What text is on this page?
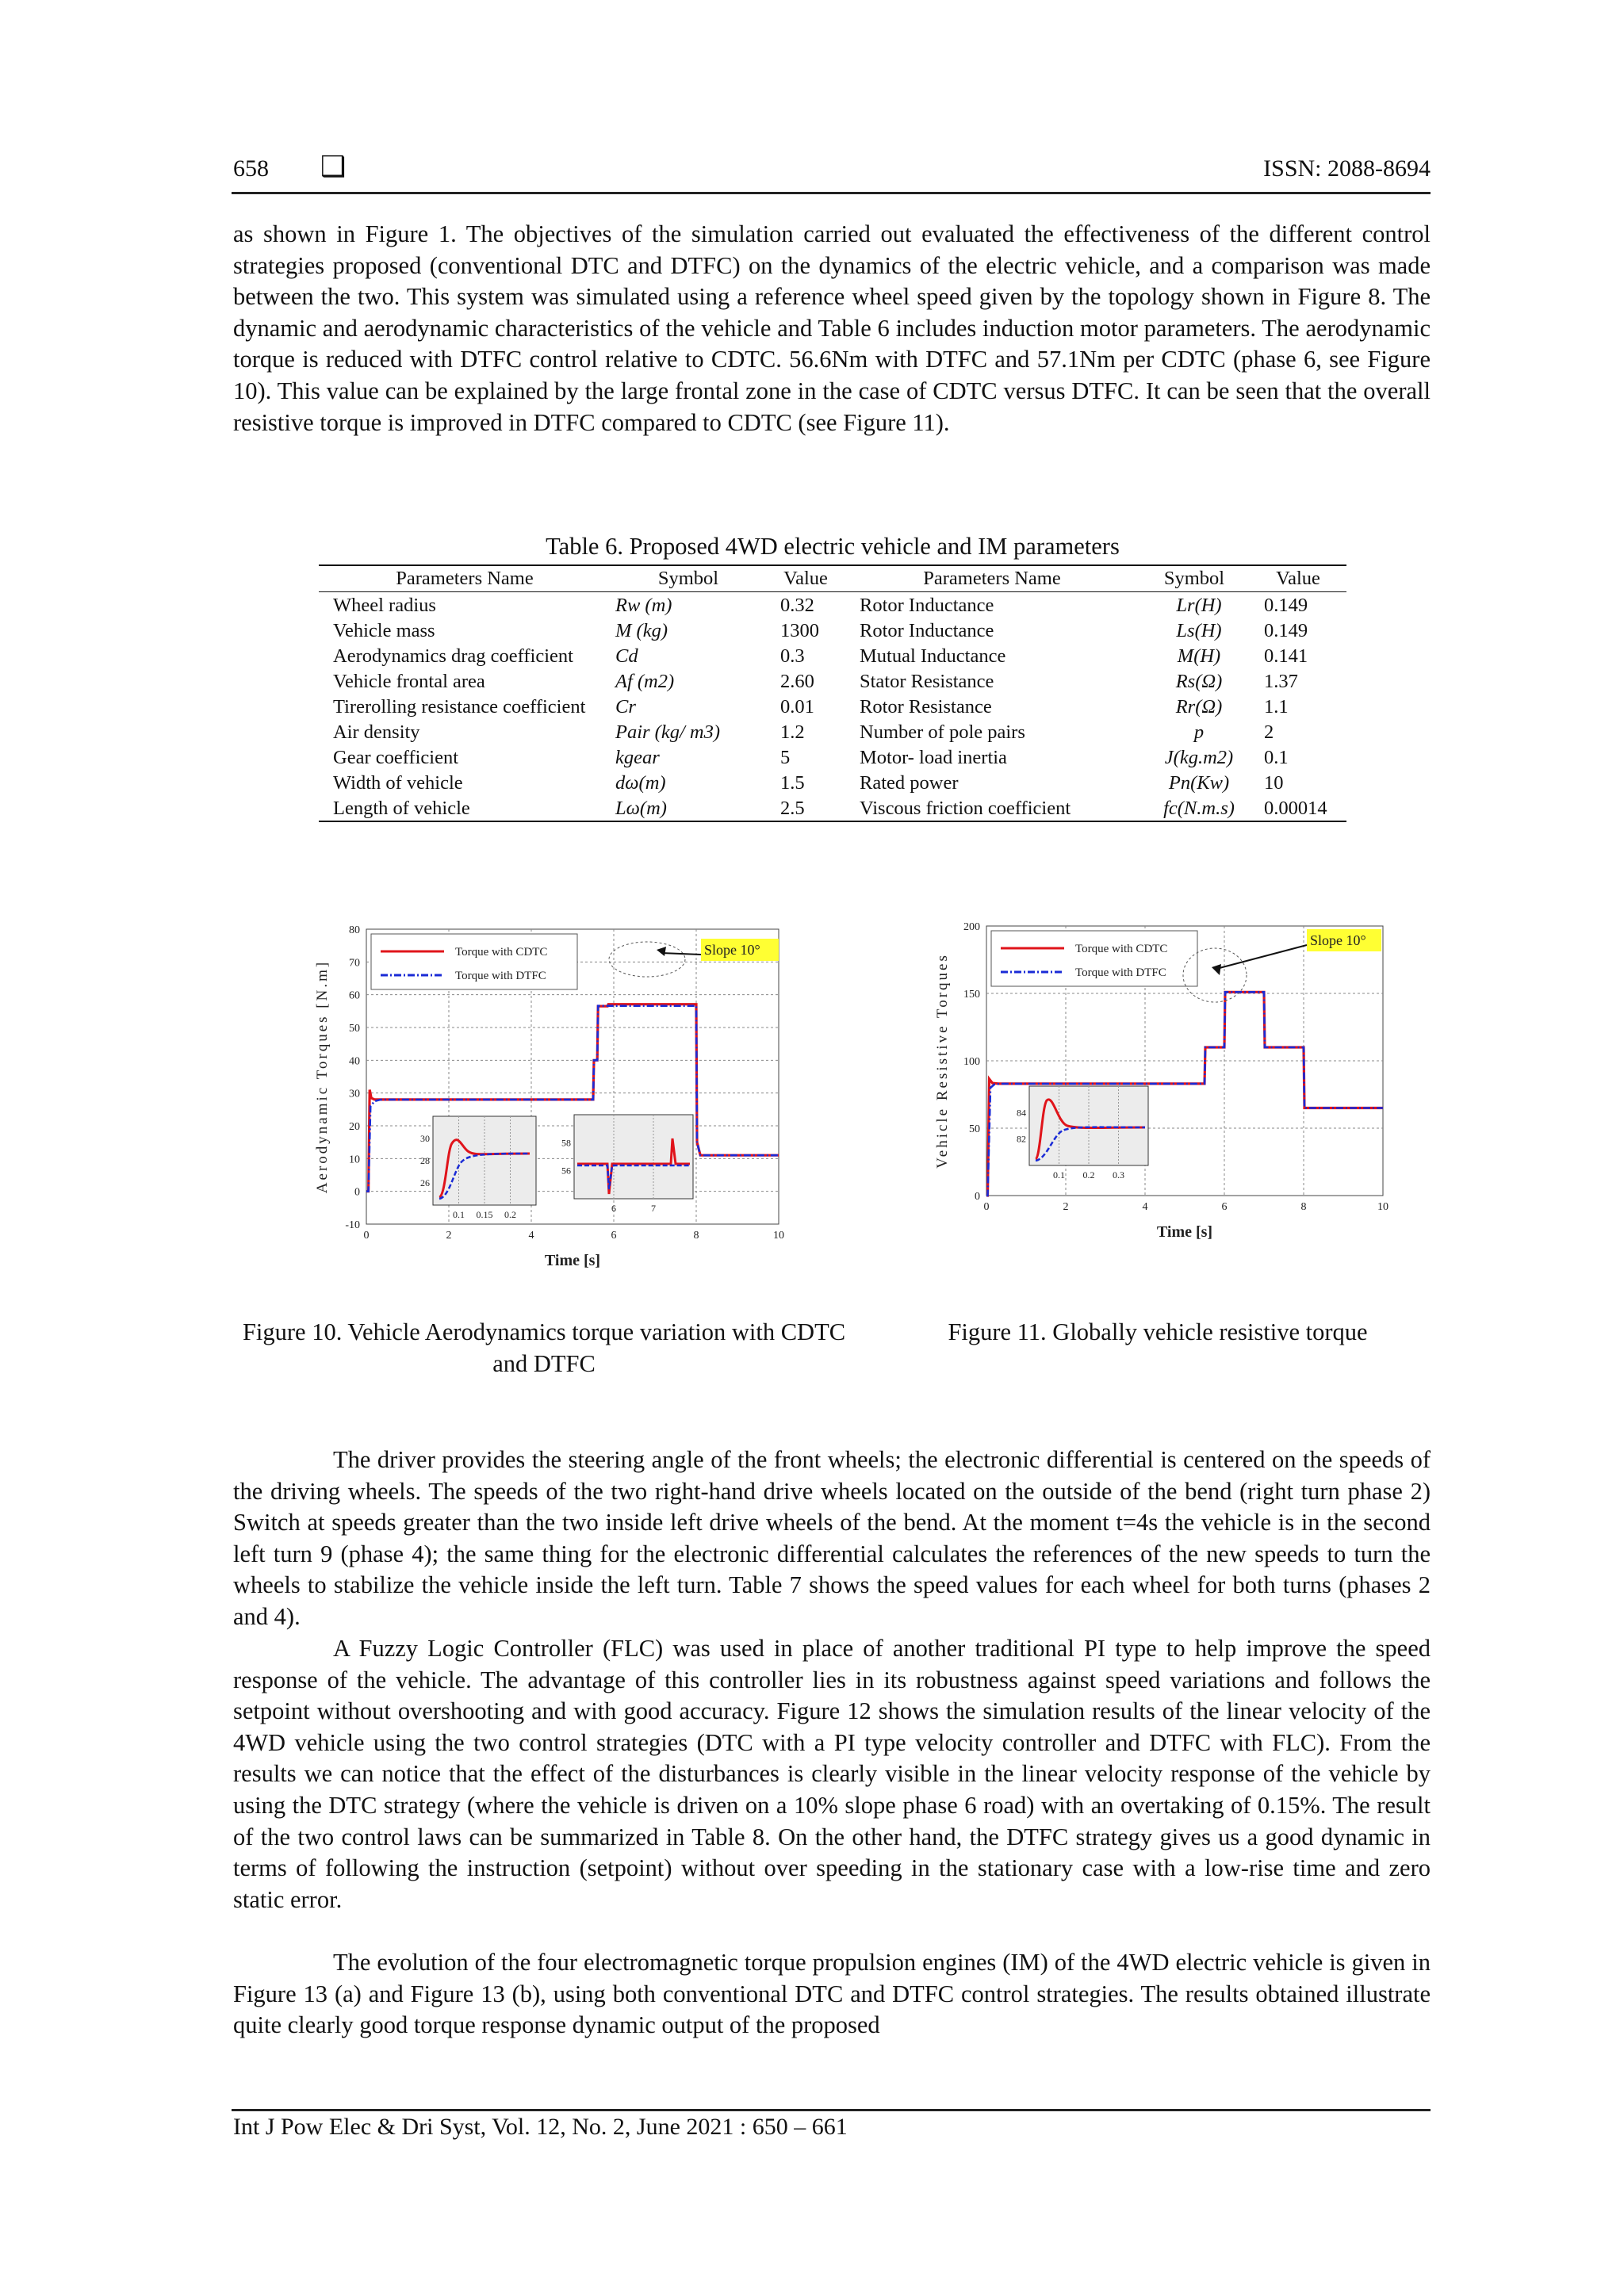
658 ❑	ISSN: 2088-8694

as shown in Figure 1. The objectives of the simulation carried out evaluated the effectiveness of the different control strategies proposed (conventional DTC and DTFC) on the dynamics of the electric vehicle, and a comparison was made between the two. This system was simulated using a reference wheel speed given by the topology shown in Figure 8. The dynamic and aerodynamic characteristics of the vehicle and Table 6 includes induction motor parameters. The aerodynamic torque is reduced with DTFC control relative to CDTC. 56.6Nm with DTFC and 57.1Nm per CDTC (phase 6, see Figure 10). This value can be explained by the large frontal zone in the case of CDTC versus DTFC. It can be seen that the overall resistive torque is improved in DTFC compared to CDTC (see Figure 11).

Table 6. Proposed 4WD electric vehicle and IM parameters
Parameters Name	Symbol	Value	Parameters Name	Symbol	Value
Wheel radius	Rw (m)	0.32	Rotor Inductance	Lr(H)	0.149
Vehicle mass	M (kg)	1300	Rotor Inductance	Ls(H)	0.149
Aerodynamics drag coefficient	Cd	0.3	Mutual Inductance	M(H)	0.141
Vehicle frontal area	Af (m2)	2.60	Stator Resistance	Rs(Ω)	1.37
Tirerolling resistance coefficient	Cr	0.01	Rotor Resistance	Rr(Ω)	1.1
Air density	Pair (kg/ m3)	1.2	Number of pole pairs	p	2
Gear coefficient	kgear	5	Motor- load inertia	J(kg.m2)	0.1
Width of vehicle	dω(m)	1.5	Rated power	Pn(Kw)	10
Length of vehicle	Lω(m)	2.5	Viscous friction coefficient	fc(N.m.s)	0.00014
0	2	4	6	8	10
-10
0
10
20
30
40
50
60
70
80
Torque with CDTC
Torque with DTFC
Time [s]
Aerodynamic Torques [N.m]
Slope 10°
0.1 0.15 0.2
30
28
26
6	7
58
56
0	2	4	6	8	10
0
50
100
150
200
Torque with CDTC
Torque with DTFC
Time [s]
Vehicle Resistive Torques
Slope 10°
0.1 0.2 0.3
84
82
Figure 10. Vehicle Aerodynamics torque variation with CDTC and DTFC
Figure 11. Globally vehicle resistive torque

The driver provides the steering angle of the front wheels; the electronic differential is centered on the speeds of the driving wheels. The speeds of the two right-hand drive wheels located on the outside of the bend (right turn phase 2) Switch at speeds greater than the two inside left drive wheels of the bend. At the moment t=4s the vehicle is in the second left turn 9 (phase 4); the same thing for the electronic differential calculates the references of the new speeds to turn the wheels to stabilize the vehicle inside the left turn. Table 7 shows the speed values for each wheel for both turns (phases 2 and 4).

A Fuzzy Logic Controller (FLC) was used in place of another traditional PI type to help improve the speed response of the vehicle. The advantage of this controller lies in its robustness against speed variations and follows the setpoint without overshooting and with good accuracy. Figure 12 shows the simulation results of the linear velocity of the 4WD vehicle using the two control strategies (DTC with a PI type velocity controller and DTFC with FLC). From the results we can notice that the effect of the disturbances is clearly visible in the linear velocity response of the vehicle by using the DTC strategy (where the vehicle is driven on a 10% slope phase 6 road) with an overtaking of 0.15%. The result of the two control laws can be summarized in Table 8. On the other hand, the DTFC strategy gives us a good dynamic in terms of following the instruction (setpoint) without over speeding in the stationary case with a low-rise time and zero static error.

The evolution of the four electromagnetic torque propulsion engines (IM) of the 4WD electric vehicle is given in Figure 13 (a) and Figure 13 (b), using both conventional DTC and DTFC control strategies. The results obtained illustrate quite clearly good torque response dynamic output of the proposed

Int J Pow Elec & Dri Syst, Vol. 12, No. 2, June 2021 : 650 – 661
